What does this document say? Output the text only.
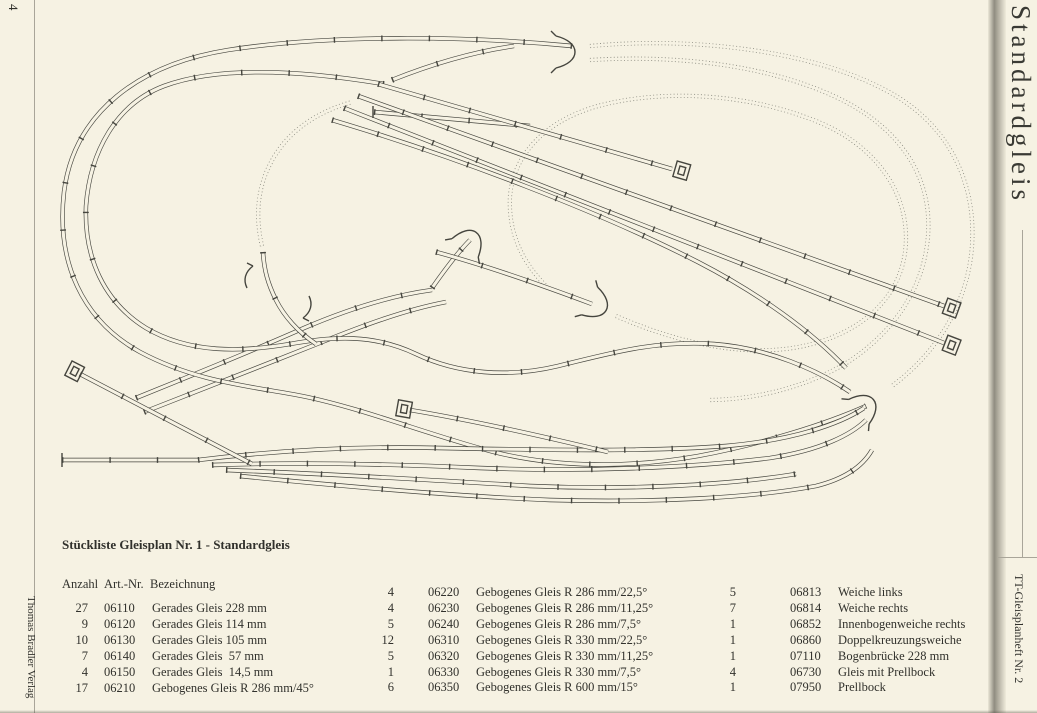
4	Standardgleis
TT-Gleisplanheft Nr. 2
Thomas Bradler Verlag
Stückliste Gleisplan Nr. 1 - Standardgleis
Anzahl Art.-Nr. Bezeichnung
27 06110	Gerades Gleis 228 mm
9 06120	Gerades Gleis 114 mm
10 06130	Gerades Gleis 105 mm
7 06140	Gerades Gleis  57 mm
4 06150	Gerades Gleis  14,5 mm
17 06210	Gebogenes Gleis R 286 mm/45°
4	06220	Gebogenes Gleis R 286 mm/22,5°
4	06230	Gebogenes Gleis R 286 mm/11,25°
5	06240	Gebogenes Gleis R 286 mm/7,5°
12	06310	Gebogenes Gleis R 330 mm/22,5°
5	06320	Gebogenes Gleis R 330 mm/11,25°
1	06330	Gebogenes Gleis R 330 mm/7,5°
6	06350	Gebogenes Gleis R 600 mm/15°
5	06813	Weiche links
7	06814	Weiche rechts
1	06852	Innenbogenweiche rechts
1	06860	Doppelkreuzungsweiche
1	07110	Bogenbrücke 228 mm
4	06730	Gleis mit Prellbock
1	07950	Prellbock
